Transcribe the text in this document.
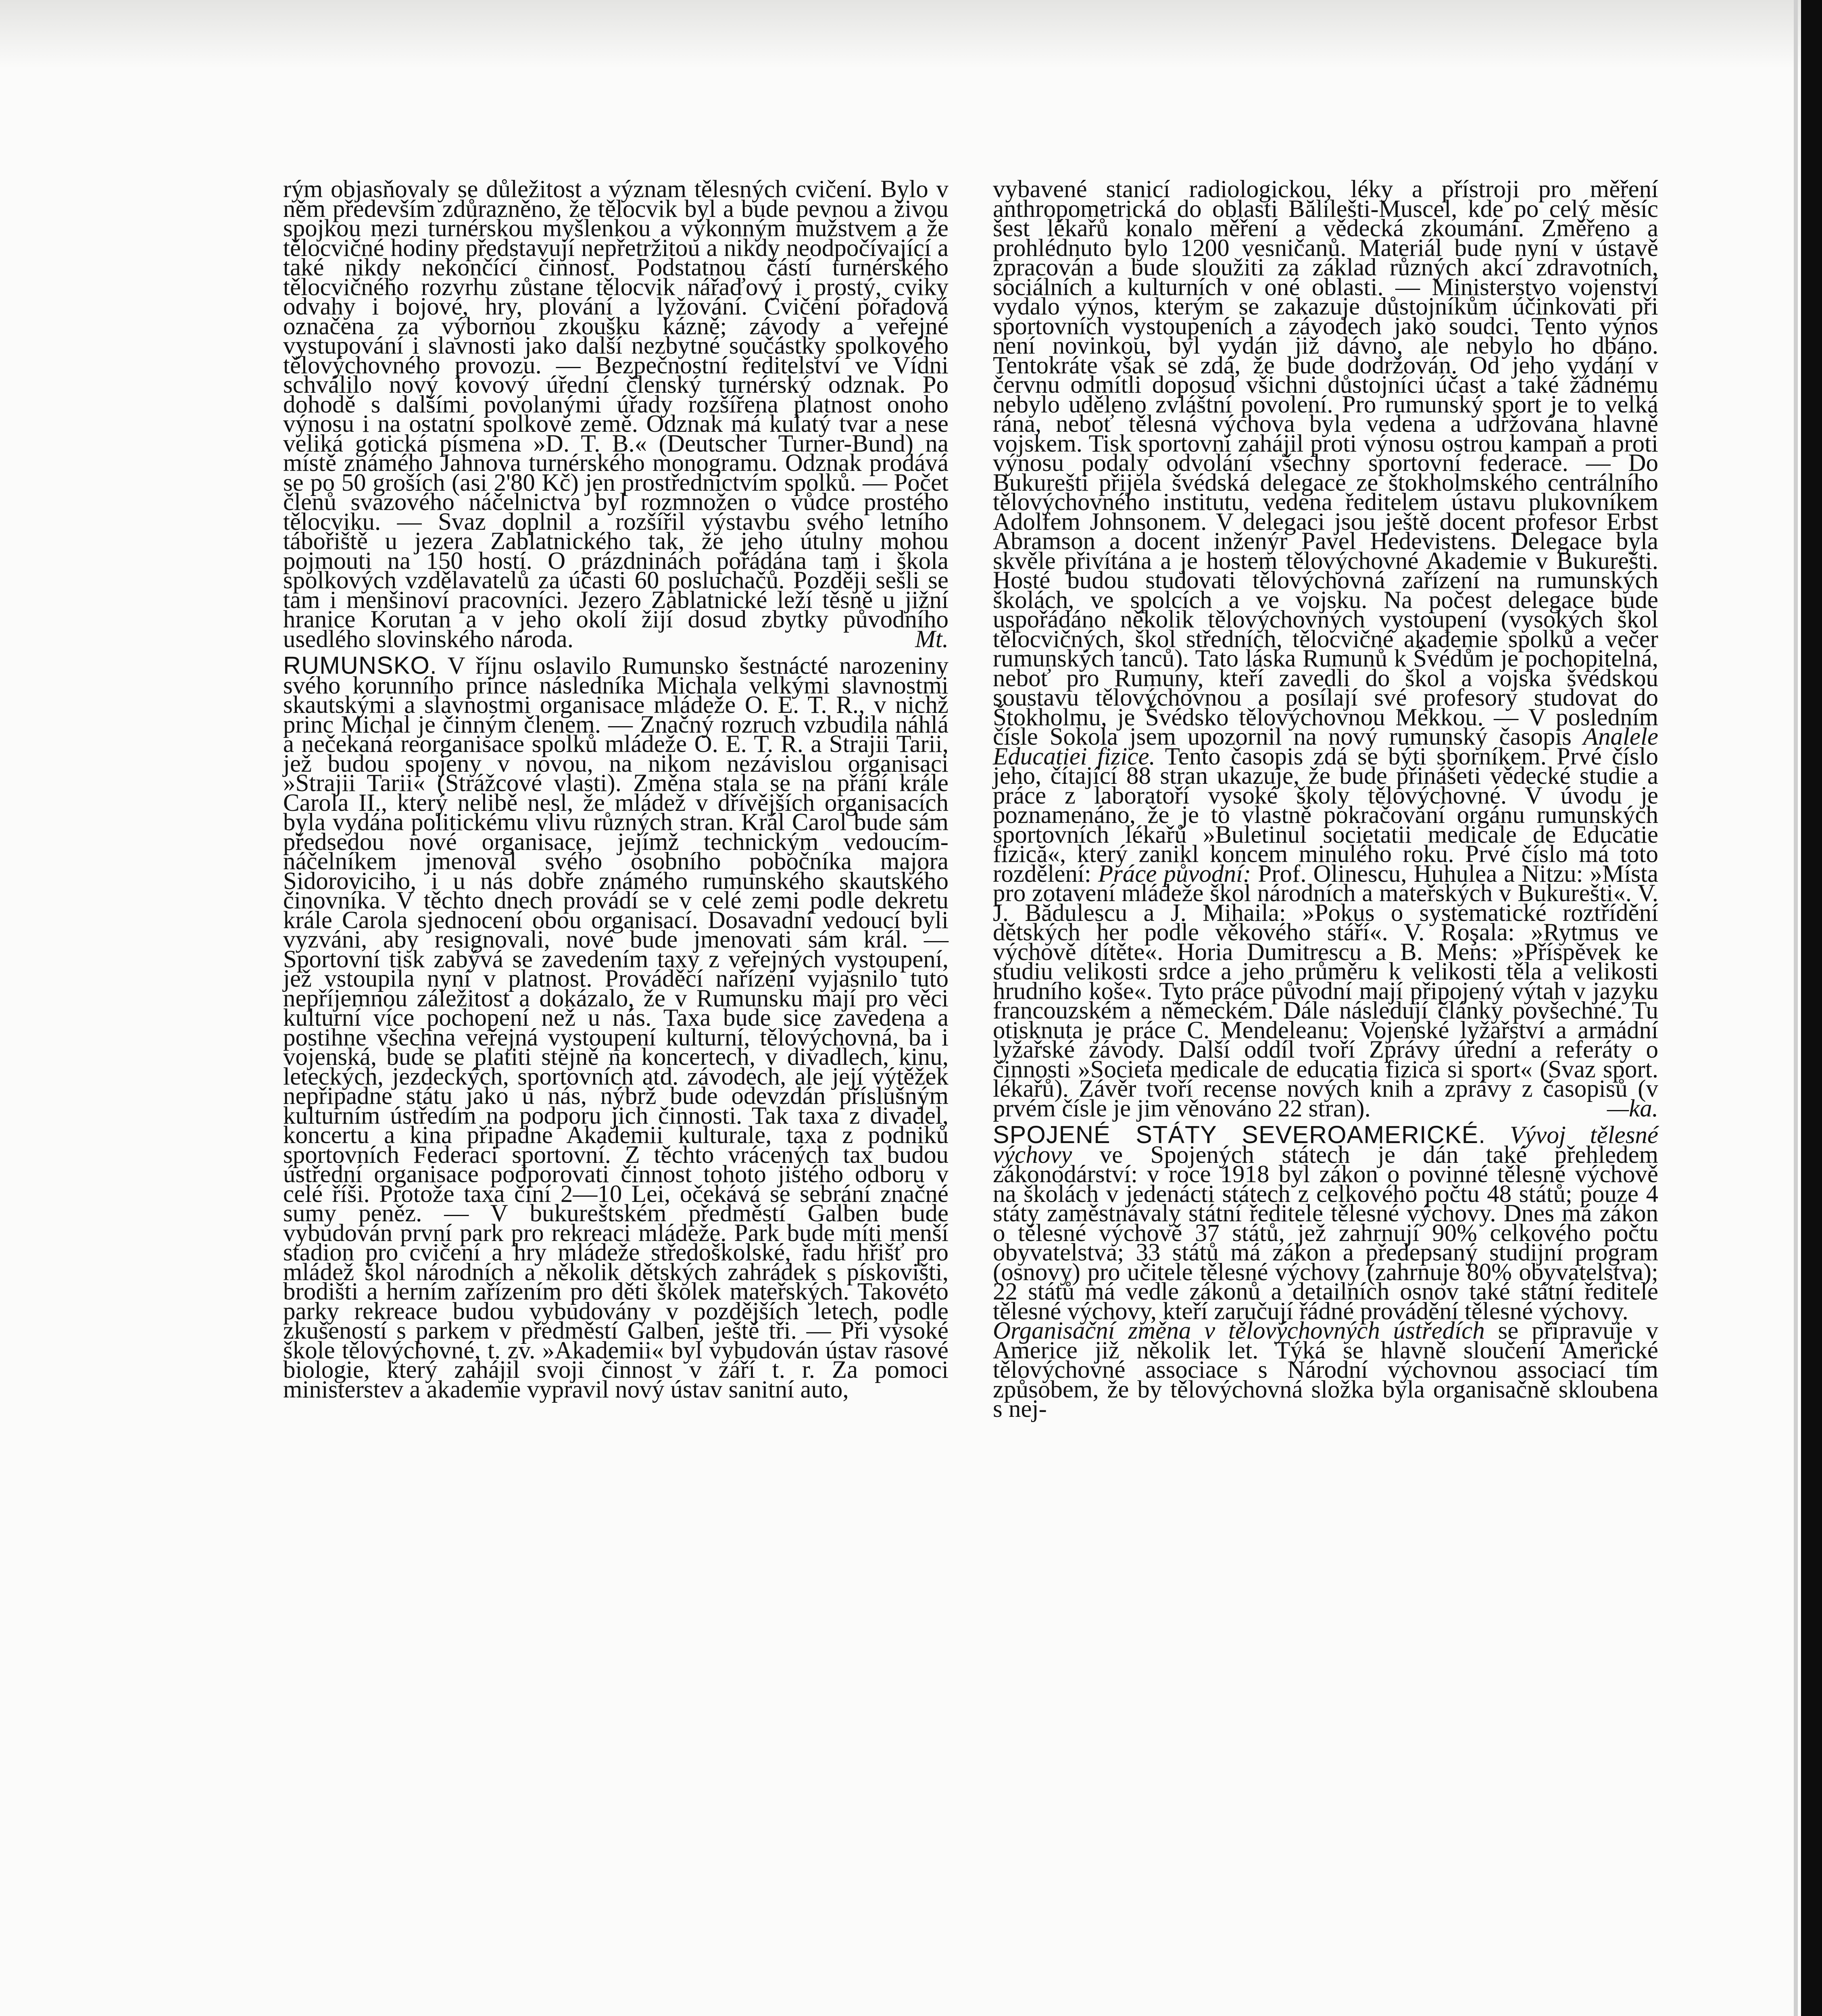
rým objasňovaly se důležitost a význam tělesných cvičení. Bylo v něm především zdůrazněno, že tělocvik byl a bude pevnou a živou spojkou mezi turnérskou myšlenkou a výkonným mužstvem a že tělocvičné hodiny představují nepřetržitou a nikdy neodpočívající a také nikdy nekončící činnost. Podstatnou částí turnérského tělocvičného rozvrhu zůstane tělocvik nářaďový i prostý, cviky odvahy i bojové, hry, plování a lyžování. Cvičení pořadová označena za výbornou zkoušku kázně; závody a veřejné vystupování i slavnosti jako další nezbytné součástky spolkového tělovýchovného provozu. — Bezpečnostní ředitelství ve Vídni schválilo nový kovový úřední členský turnérský odznak. Po dohodě s dalšími povolanými úřady rozšířena platnost onoho výnosu i na ostatní spolkové země. Odznak má kulatý tvar a nese veliká gotická písmena »D. T. B.« (Deutscher Turner-Bund) na místě známého Jahnova turnérského monogramu. Odznak prodává se po 50 groších (asi 2'80 Kč) jen prostřednictvím spolků. — Počet členů svazového náčelnictva byl rozmnožen o vůdce prostého tělocviku. — Svaz doplnil a rozšířil výstavbu svého letního tábořiště u jezera Zablatnického tak, že jeho útulny mohou pojmouti na 150 hostí. O prázdninách pořádána tam i škola spolkových vzdělavatelů za účasti 60 posluchačů. Později sešli se tam i menšinoví pracovníci. Jezero Zablatnické leží těsně u jižní hranice Korutan a v jeho okolí žijí dosud zbytky původního usedlého slovinského národa.	Mt.

RUMUNSKO. V říjnu oslavilo Rumunsko šestnácté narozeniny svého korunního prince následníka Michala velkými slavnostmi skautskými a slavnostmi organisace mládeže O. E. T. R., v nichž princ Michal je činným členem. — Značný rozruch vzbudila náhlá a nečekaná reorganisace spolků mládeže O. E. T. R. a Strajii Tarii, jež budou spojeny v novou, na nikom nezávislou organisaci »Strajii Tarii« (Strážcové vlasti). Změna stala se na přání krále Carola II., který nelibě nesl, že mládež v dřívějších organisacích byla vydána politickému vlivu různých stran. Král Carol bude sám předsedou nové organisace, jejímž technickým vedoucím-náčelníkem jmenoval svého osobního pobočníka majora Sidoroviciho, i u nás dobře známého rumunského skautského činovníka. V těchto dnech provádí se v celé zemi podle dekretu krále Carola sjednocení obou organisací. Dosavadní vedoucí byli vyzváni, aby resignovali, nové bude jmenovati sám král. — Sportovní tisk zabývá se zavedením taxy z veřejných vystoupení, jež vstoupila nyní v platnost. Prováděcí nařízení vyjasnilo tuto nepříjemnou záležitost a dokázalo, že v Rumunsku mají pro věci kulturní více pochopení než u nás. Taxa bude sice zavedena a postihne všechna veřejná vystoupení kulturní, tělovýchovná, ba i vojenská, bude se platiti stejně na koncertech, v divadlech, kinu, leteckých, jezdeckých, sportovních atd. závodech, ale její výtěžek nepřipadne státu jako u nás, nýbrž bude odevzdán příslušným kulturním ústředím na podporu jich činnosti. Tak taxa z divadel, koncertu a kina připadne Akademii kulturale, taxa z podniků sportovních Federaci sportovní. Z těchto vrácených tax budou ústřední organisace podporovati činnost tohoto jistého odboru v celé říši. Protože taxa činí 2—10 Lei, očekává se sebrání značné sumy peněz. — V bukureštském předměstí Galben bude vybudován první park pro rekreaci mládeže. Park bude míti menší stadion pro cvičení a hry mládeže středoškolské, řadu hřišť pro mládež škol národních a několik dětských zahrádek s pískovišti, brodišti a herním zařízením pro děti školek mateřských. Takovéto parky rekreace budou vybudovány v pozdějších letech, podle zkušeností s parkem v předměstí Galben, ještě tři. — Při vysoké škole tělovýchovné, t. zv. »Akademii« byl vybudován ústav rasové biologie, který zahájil svoji činnost v září t. r. Za pomoci ministerstev a akademie vypravil nový ústav sanitní auto,

vybavené stanicí radiologickou, léky a přístroji pro měření anthropometrická do oblasti Bălilešti-Muscel, kde po celý měsíc šest lékařů konalo měření a vědecká zkoumání. Změřeno a prohlédnuto bylo 1200 vesničanů. Materiál bude nyní v ústavě zpracován a bude sloužiti za základ různých akcí zdravotních, sociálních a kulturních v oné oblasti. — Ministerstvo vojenství vydalo výnos, kterým se zakazuje důstojníkům účinkovati při sportovních vystoupeních a závodech jako soudci. Tento výnos není novinkou, byl vydán již dávno, ale nebylo ho dbáno. Tentokráte však se zdá, že bude dodržován. Od jeho vydání v červnu odmítli doposud všichni důstojníci účast a také žádnému nebylo uděleno zvláštní povolení. Pro rumunský sport je to velká rána, neboť tělesná výchova byla vedena a udržována hlavně vojskem. Tisk sportovní zahájil proti výnosu ostrou kampaň a proti výnosu podaly odvolání všechny sportovní federace. — Do Bukurešti přijela švédská delegace ze štokholmského centrálního tělovýchovného institutu, vedena ředitelem ústavu plukovníkem Adolfem Johnsonem. V delegaci jsou ještě docent profesor Erbst Abramson a docent inženýr Pavel Hedevistens. Delegace byla skvěle přivítána a je hostem tělovýchovné Akademie v Bukurešti. Hosté budou studovati tělovýchovná zařízení na rumunských školách, ve spolcích a ve vojsku. Na počest delegace bude uspořádáno několik tělovýchovných vystoupení (vysokých škol tělocvičných, škol středních, tělocvičné akademie spolků a večer rumunských tanců). Tato láska Rumunů k Švédům je pochopitelná, neboť pro Rumuny, kteří zavedli do škol a vojska švédskou soustavu tělovýchovnou a posílají své profesory studovat do Štokholmu, je Švédsko tělovýchovnou Mekkou. — V posledním čísle Sokola jsem upozornil na nový rumunský časopis Analele Educatiei fizice. Tento časopis zdá se býti sborníkem. Prvé číslo jeho, čítající 88 stran ukazuje, že bude přinášeti vědecké studie a práce z laboratoří vysoké školy tělovýchovné. V úvodu je poznamenáno, že je to vlastně pokračování orgánu rumunských sportovních lékařů »Buletinul societatii medicale de Educatie fizică«, který zanikl koncem minulého roku. Prvé číslo má toto rozdělení: Práce původní: Prof. Olinescu, Huhulea a Nitzu: »Místa pro zotavení mládeže škol národních a mateřských v Bukurešti«. V. J. Bădulescu a J. Mihaila: »Pokus o systematické roztřídění dětských her podle věkového stáří«. V. Roşala: »Rytmus ve výchově dítěte«. Horia Dumitrescu a B. Mens: »Příspěvek ke studiu velikosti srdce a jeho průměru k velikosti těla a velikosti hrudního koše«. Tyto práce původní mají připojený výtah v jazyku francouzském a německém. Dále následují články povšechné. Tu otisknuta je práce C. Mendeleanu: Vojenské lyžařství a armádní lyžařské závody. Další oddíl tvoří Zprávy úřední a referáty o činnosti »Societa medicale de educatia fizica si sport« (Svaz sport. lékařů). Závěr tvoří recense nových knih a zprávy z časopisů (v prvém čísle je jim věnováno 22 stran).	—ka.

SPOJENÉ STÁTY SEVEROAMERICKÉ. Vývoj tělesné výchovy ve Spojených státech je dán také přehledem zákonodárství: v roce 1918 byl zákon o povinné tělesné výchově na školách v jedenácti státech z celkového počtu 48 států; pouze 4 státy zaměstnávaly státní ředitele tělesné výchovy. Dnes má zákon o tělesné výchově 37 států, jež zahrnují 90% celkového počtu obyvatelstva; 33 států má zákon a předepsaný studijní program (osnovy) pro učitele tělesné výchovy (zahrnuje 80% obyvatelstva); 22 států má vedle zákonů a detailních osnov také státní ředitele tělesné výchovy, kteří zaručují řádné provádění tělesné výchovy.

Organisační změna v tělovýchovných ústředích se připravuje v Americe již několik let. Týká se hlavně sloučení Americké tělovýchovné associace s Národní výchovnou associací tím způsobem, že by tělovýchovná složka byla organisačně skloubena s nej-
